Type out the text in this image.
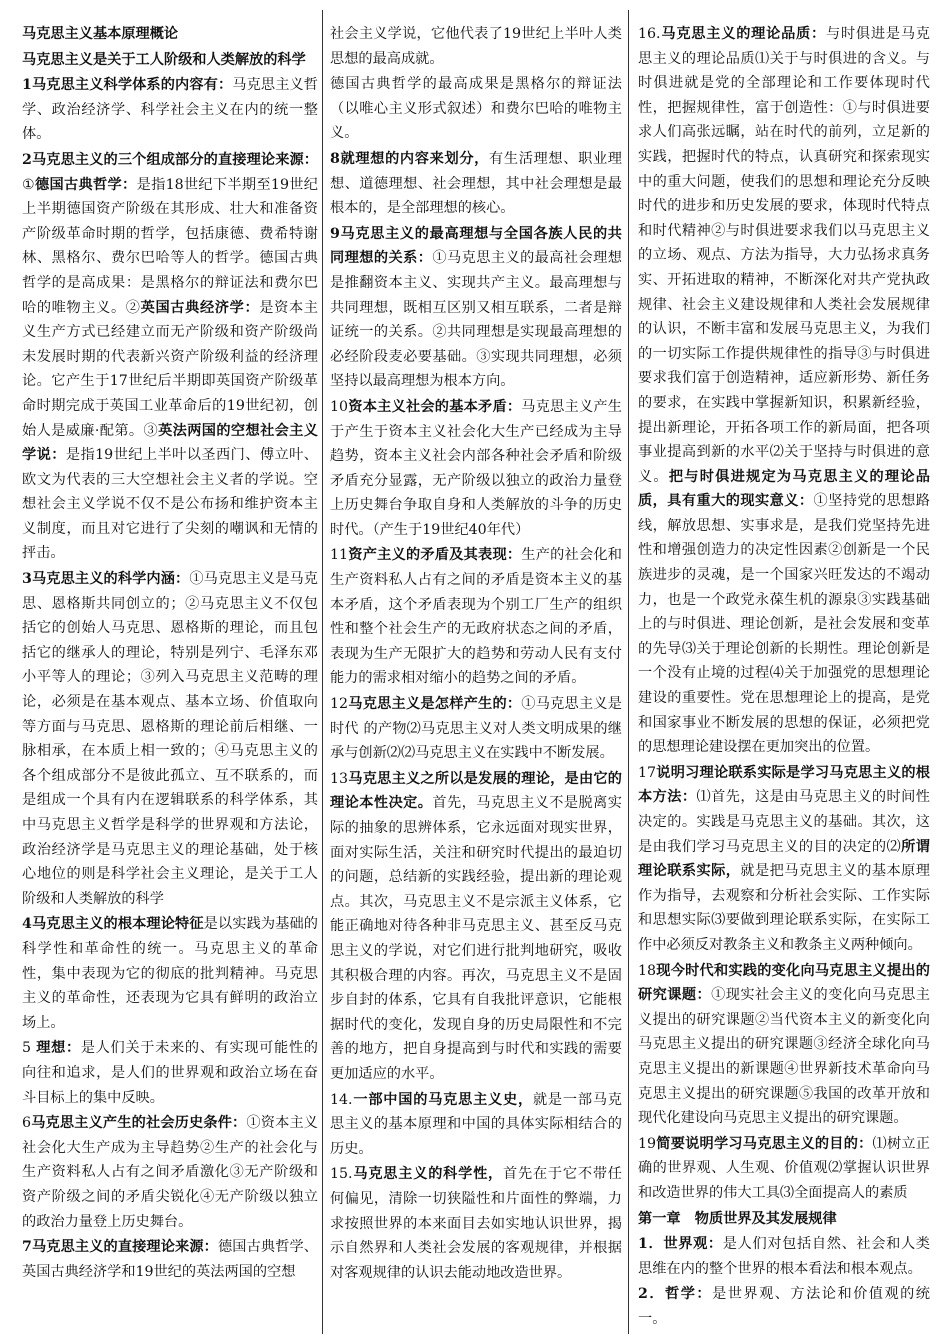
马克思主义基本原理概论

马克思主义是关于工人阶级和人类解放的科学

1马克思主义科学体系的内容有：马克思主义哲学、政治经济学、科学社会主义在内的统一整体。

2马克思主义的三个组成部分的直接理论来源：①德国古典哲学：是指18世纪下半期至19世纪上半期德国资产阶级在其形成、壮大和准备资产阶级革命时期的哲学，包括康德、费希特谢林、黑格尔、费尔巴哈等人的哲学。德国古典哲学的是高成果：是黑格尔的辩证法和费尔巴哈的唯物主义。②英国古典经济学：是资本主义生产方式已经建立而无产阶级和资产阶级尚未发展时期的代表新兴资产阶级利益的经济理论。它产生于17世纪后半期即英国资产阶级革命时期完成于英国工业革命后的19世纪初，创始人是威廉·配第。③英法两国的空想社会主义学说：是指19世纪上半叶以圣西门、傅立叶、欧文为代表的三大空想社会主义者的学说。空想社会主义学说不仅不是公布扬和维护资本主义制度，而且对它进行了尖刻的嘲讽和无情的抨击。

3马克思主义的科学内涵：①马克思主义是马克思、恩格斯共同创立的；②马克思主义不仅包括它的创始人马克思、恩格斯的理论，而且包括它的继承人的理论，特别是列宁、毛泽东邓小平等人的理论；③列入马克思主义范畴的理论，必须是在基本观点、基本立场、价值取向等方面与马克思、恩格斯的理论前后相继、一脉相承，在本质上相一致的；④马克思主义的各个组成部分不是彼此孤立、互不联系的，而是组成一个具有内在逻辑联系的科学体系，其中马克思主义哲学是科学的世界观和方法论，政治经济学是马克思主义的理论基础，处于核心地位的则是科学社会主义理论，是关于工人阶级和人类解放的科学

4马克思主义的根本理论特征是以实践为基础的科学性和革命性的统一。马克思主义的革命性，集中表现为它的彻底的批判精神。马克思主义的革命性，还表现为它具有鲜明的政治立场上。

5 理想：是人们关于未来的、有实现可能性的向往和追求，是人们的世界观和政治立场在奋斗目标上的集中反映。

6马克思主义产生的社会历史条件：①资本主义社会化大生产成为主导趋势②生产的社会化与生产资料私人占有之间矛盾激化③无产阶级和资产阶级之间的矛盾尖锐化④无产阶级以独立的政治力量登上历史舞台。

7马克思主义的直接理论来源：德国古典哲学、英国古典经济学和19世纪的英法两国的空想

社会主义学说，它他代表了19世纪上半叶人类思想的最高成就。

德国古典哲学的最高成果是黑格尔的辩证法（以唯心主义形式叙述）和费尔巴哈的唯物主义。

8就理想的内容来划分，有生活理想、职业理想、道德理想、社会理想，其中社会理想是最根本的，是全部理想的核心。

9马克思主义的最高理想与全国各族人民的共同理想的关系：①马克思主义的最高社会理想是推翻资本主义、实现共产主义。最高理想与共同理想，既相互区别又相互联系，二者是辩证统一的关系。②共同理想是实现最高理想的必经阶段麦必要基础。③实现共同理想，必须坚持以最高理想为根本方向。

10资本主义社会的基本矛盾：马克思主义产生于产生于资本主义社会化大生产已经成为主导趋势，资本主义社会内部各种社会矛盾和阶级矛盾充分显露，无产阶级以独立的政治力量登上历史舞台争取自身和人类解放的斗争的历史时代。（产生于19世纪40年代）

11资产主义的矛盾及其表现：生产的社会化和生产资料私人占有之间的矛盾是资本主义的基本矛盾，这个矛盾表现为个别工厂生产的组织性和整个社会生产的无政府状态之间的矛盾，表现为生产无限扩大的趋势和劳动人民有支付能力的需求相对缩小的趋势之间的矛盾。

12马克思主义是怎样产生的：①马克思主义是时代 的产物⑵马克思主义对人类文明成果的继承与创新⑵⑵马克思主义在实践中不断发展。

13马克思主义之所以是发展的理论，是由它的理论本性决定。首先，马克思主义不是脱离实际的抽象的思辨体系，它永远面对现实世界，面对实际生活，关注和研究时代提出的最迫切的问题，总结新的实践经验，提出新的理论观点。其次，马克思主义不是宗派主义体系，它能正确地对待各种非马克思主义、甚至反马克思主义的学说，对它们进行批判地研究，吸收其积极合理的内容。再次，马克思主义不是固步自封的体系，它具有自我批评意识，它能根据时代的变化，发现自身的历史局限性和不完善的地方，把自身提高到与时代和实践的需要更加适应的水平。

14.一部中国的马克思主义史，就是一部马克思主义的基本原理和中国的具体实际相结合的历史。

15.马克思主义的科学性，首先在于它不带任何偏见，清除一切狭隘性和片面性的弊端，力求按照世界的本来面目去如实地认识世界，揭示自然界和人类社会发展的客观规律，并根据对客观规律的认识去能动地改造世界。

16.马克思主义的理论品质：与时俱进是马克思主义的理论品质⑴关于与时俱进的含义。与时俱进就是党的全部理论和工作要体现时代性，把握规律性，富于创造性：①与时俱进要求人们高张远瞩，站在时代的前列，立足新的实践，把握时代的特点，认真研究和探索现实中的重大问题，使我们的思想和理论充分反映时代的进步和历史发展的要求，体现时代特点和时代精神②与时俱进要求我们以马克思主义的立场、观点、方法为指导，大力弘扬求真务实、开拓进取的精神，不断深化对共产党执政规律、社会主义建设规律和人类社会发展规律的认识，不断丰富和发展马克思主义，为我们的一切实际工作提供规律性的指导③与时俱进要求我们富于创造精神，适应新形势、新任务的要求，在实践中掌握新知识，积累新经验，提出新理论，开拓各项工作的新局面，把各项事业提高到新的水平⑵关于坚持与时俱进的意义。把与时俱进规定为马克思主义的理论品质，具有重大的现实意义：①坚持党的思想路线，解放思想、实事求是，是我们党坚持先进性和增强创造力的决定性因素②创新是一个民族进步的灵魂，是一个国家兴旺发达的不竭动力，也是一个政党永葆生机的源泉③实践基础上的与时俱进、理论创新，是社会发展和变革的先导⑶关于理论创新的长期性。理论创新是一个没有止境的过程⑷关于加强党的思想理论建设的重要性。党在思想理论上的提高，是党和国家事业不断发展的思想的保证，必须把党的思想理论建设摆在更加突出的位置。

17说明习理论联系实际是学习马克思主义的根本方法：⑴首先，这是由马克思主义的时间性决定的。实践是马克思主义的基础。其次，这是由我们学习马克思主义的目的决定的⑵所谓理论联系实际，就是把马克思主义的基本原理作为指导，去观察和分析社会实际、工作实际和思想实际⑶要做到理论联系实际，在实际工作中必须反对教条主义和教条主义两种倾向。

18现今时代和实践的变化向马克思主义提出的研究课题：①现实社会主义的变化向马克思主义提出的研究课题②当代资本主义的新变化向马克思主义提出的研究课题③经济全球化向马克思主义提出的新课题④世界新技术革命向马克思主义提出的研究课题⑤我国的改革开放和现代化建设向马克思主义提出的研究课题。

19简要说明学习马克思主义的目的：⑴树立正确的世界观、人生观、价值观⑵掌握认识世界和改造世界的伟大工具⑶全面提高人的素质

第一章　物质世界及其发展规律

1．世界观：是人们对包括自然、社会和人类思维在内的整个世界的根本看法和根本观点。

2．哲学：是世界观、方法论和价值观的统一。
